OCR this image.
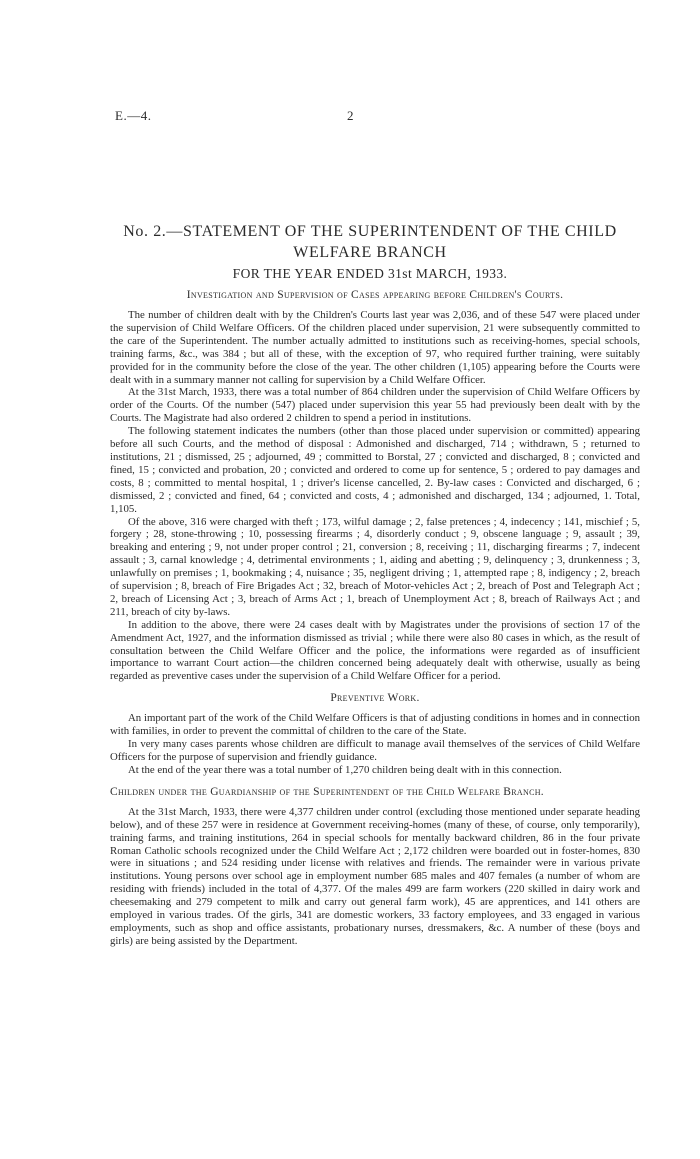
E.—4.	2
No. 2.—STATEMENT OF THE SUPERINTENDENT OF THE CHILD WELFARE BRANCH
FOR THE YEAR ENDED 31st MARCH, 1933.
Investigation and Supervision of Cases appearing before Children's Courts.

The number of children dealt with by the Children's Courts last year was 2,036, and of these 547 were placed under the supervision of Child Welfare Officers. Of the children placed under supervision, 21 were subsequently committed to the care of the Superintendent. The number actually admitted to institutions such as receiving-homes, special schools, training farms, &c., was 384 ; but all of these, with the exception of 97, who required further training, were suitably provided for in the community before the close of the year. The other children (1,105) appearing before the Courts were dealt with in a summary manner not calling for supervision by a Child Welfare Officer.

At the 31st March, 1933, there was a total number of 864 children under the supervision of Child Welfare Officers by order of the Courts. Of the number (547) placed under supervision this year 55 had previously been dealt with by the Courts. The Magistrate had also ordered 2 children to spend a period in institutions.

The following statement indicates the numbers (other than those placed under supervision or committed) appearing before all such Courts, and the method of disposal : Admonished and discharged, 714 ; withdrawn, 5 ; returned to institutions, 21 ; dismissed, 25 ; adjourned, 49 ; committed to Borstal, 27 ; convicted and discharged, 8 ; convicted and fined, 15 ; convicted and probation, 20 ; convicted and ordered to come up for sentence, 5 ; ordered to pay damages and costs, 8 ; committed to mental hospital, 1 ; driver's license cancelled, 2. By-law cases : Convicted and discharged, 6 ; dismissed, 2 ; convicted and fined, 64 ; convicted and costs, 4 ; admonished and discharged, 134 ; adjourned, 1. Total, 1,105.

Of the above, 316 were charged with theft ; 173, wilful damage ; 2, false pretences ; 4, indecency ; 141, mischief ; 5, forgery ; 28, stone-throwing ; 10, possessing firearms ; 4, disorderly conduct ; 9, obscene language ; 9, assault ; 39, breaking and entering ; 9, not under proper control ; 21, conversion ; 8, receiving ; 11, discharging firearms ; 7, indecent assault ; 3, carnal knowledge ; 4, detrimental environments ; 1, aiding and abetting ; 9, delinquency ; 3, drunkenness ; 3, unlawfully on premises ; 1, bookmaking ; 4, nuisance ; 35, negligent driving ; 1, attempted rape ; 8, indigency ; 2, breach of supervision ; 8, breach of Fire Brigades Act ; 32, breach of Motor-vehicles Act ; 2, breach of Post and Telegraph Act ; 2, breach of Licensing Act ; 3, breach of Arms Act ; 1, breach of Unemployment Act ; 8, breach of Railways Act ; and 211, breach of city by-laws.

In addition to the above, there were 24 cases dealt with by Magistrates under the provisions of section 17 of the Amendment Act, 1927, and the information dismissed as trivial ; while there were also 80 cases in which, as the result of consultation between the Child Welfare Officer and the police, the informations were regarded as of insufficient importance to warrant Court action—the children concerned being adequately dealt with otherwise, usually as being regarded as preventive cases under the supervision of a Child Welfare Officer for a period.

Preventive Work.

An important part of the work of the Child Welfare Officers is that of adjusting conditions in homes and in connection with families, in order to prevent the committal of children to the care of the State.

In very many cases parents whose children are difficult to manage avail themselves of the services of Child Welfare Officers for the purpose of supervision and friendly guidance.

At the end of the year there was a total number of 1,270 children being dealt with in this connection.

Children under the Guardianship of the Superintendent of the Child Welfare Branch.

At the 31st March, 1933, there were 4,377 children under control (excluding those mentioned under separate heading below), and of these 257 were in residence at Government receiving-homes (many of these, of course, only temporarily), training farms, and training institutions, 264 in special schools for mentally backward children, 86 in the four private Roman Catholic schools recognized under the Child Welfare Act ; 2,172 children were boarded out in foster-homes, 830 were in situations ; and 524 residing under license with relatives and friends. The remainder were in various private institutions. Young persons over school age in employment number 685 males and 407 females (a number of whom are residing with friends) included in the total of 4,377. Of the males 499 are farm workers (220 skilled in dairy work and cheesemaking and 279 competent to milk and carry out general farm work), 45 are apprentices, and 141 others are employed in various trades. Of the girls, 341 are domestic workers, 33 factory employees, and 33 engaged in various employments, such as shop and office assistants, probationary nurses, dressmakers, &c. A number of these (boys and girls) are being assisted by the Department.
